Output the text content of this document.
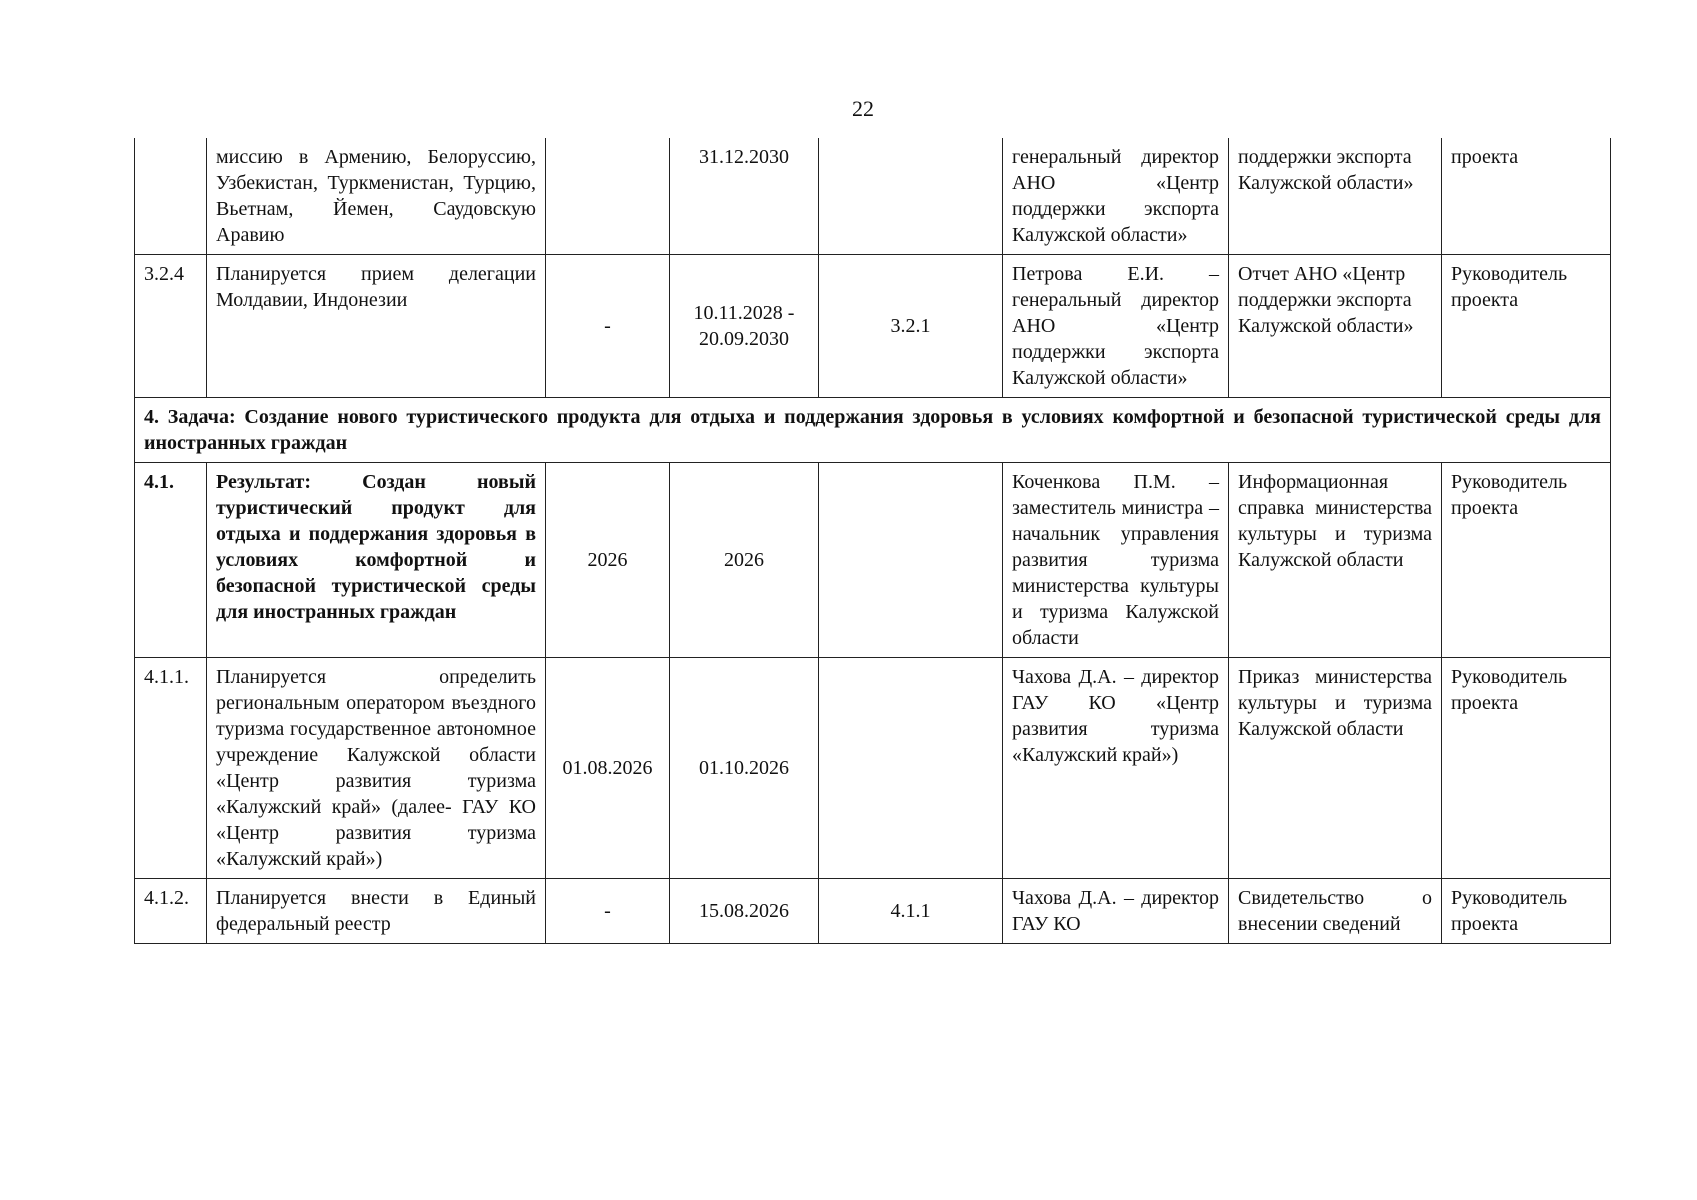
22
	миссию в Армению, Белоруссию, Узбекистан, Туркменистан, Турцию, Вьетнам, Йемен, Саудовскую Аравию		31.12.2030		генеральный директор АНО «Центр поддержки экспорта Калужской области»	поддержки экспорта Калужской области»	проекта
3.2.4	Планируется прием делегации Молдавии, Индонезии	-	10.11.2028 - 20.09.2030	3.2.1	Петрова Е.И. – генеральный директор АНО «Центр поддержки экспорта Калужской области»	Отчет АНО «Центр поддержки экспорта Калужской области»	Руководитель проекта
4. Задача: Создание нового туристического продукта для отдыха и поддержания здоровья в условиях комфортной и безопасной туристической среды для иностранных граждан							
4.1.	Результат: Создан новый туристический продукт для отдыха и поддержания здоровья в условиях комфортной и безопасной туристической среды для иностранных граждан	2026	2026		Коченкова П.М. – заместитель министра – начальник управления развития туризма министерства культуры и туризма Калужской области	Информационная справка министерства культуры и туризма Калужской области	Руководитель проекта
4.1.1.	Планируется определить региональным оператором въездного туризма государственное автономное учреждение Калужской области «Центр развития туризма «Калужский край» (далее- ГАУ КО «Центр развития туризма «Калужский край»)	01.08.2026	01.10.2026		Чахова Д.А. – директор ГАУ КО «Центр развития туризма «Калужский край»)	Приказ министерства культуры и туризма Калужской области	Руководитель проекта
4.1.2.	Планируется внести в Единый федеральный реестр	-	15.08.2026	4.1.1	Чахова Д.А. – директор ГАУ КО	Свидетельство о внесении сведений	Руководитель проекта
